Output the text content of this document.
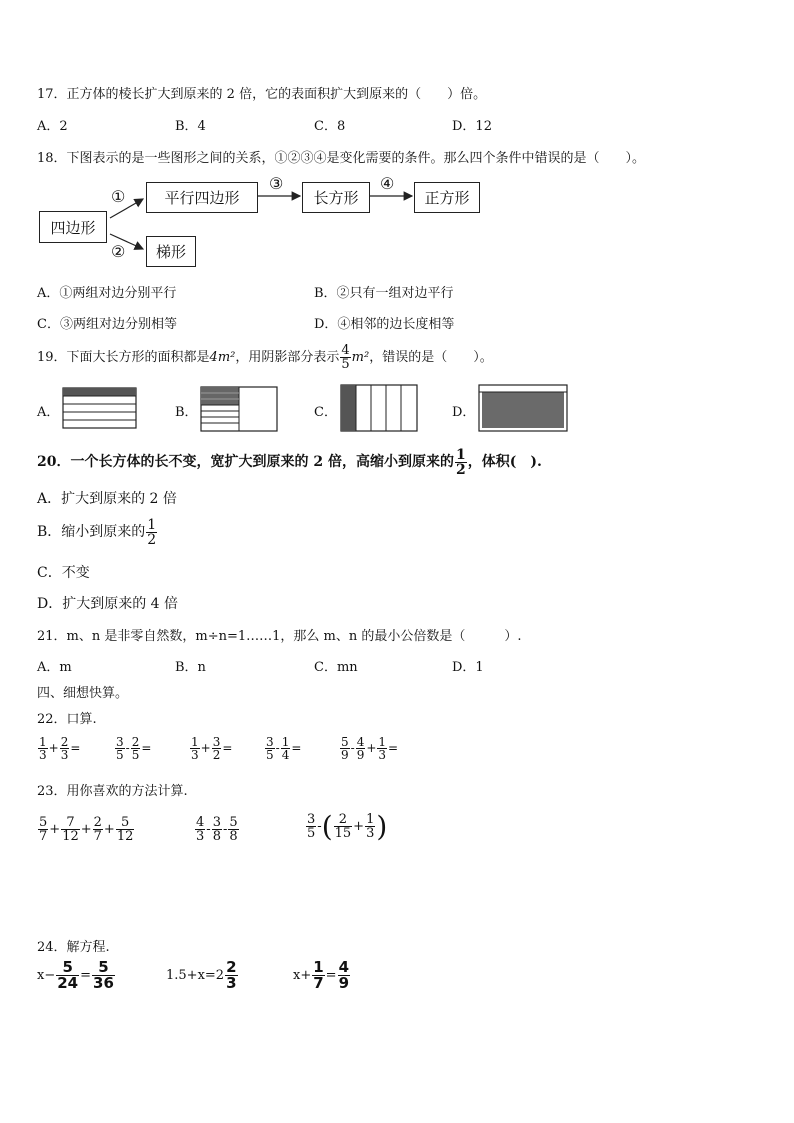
17．正方体的棱长扩大到原来的 2 倍，它的表面积扩大到原来的（　　）倍。
A．2	B．4	C．8	D．12
18．下图表示的是一些图形之间的关系，①②③④是变化需要的条件。那么四个条件中错误的是（　　）。
四边形
平行四边形	长方形	正方形
梯形
①
②
③	④
A．①两组对边分别平行	B．②只有一组对边平行
C．③两组对边分别相等	D．④相邻的边长度相等
19．下面大长方形的面积都是4m²，用阴影部分表示 $\frac{4}{5} m^2$，错误的是（　　）。
A．	B．	C．	D．
20．一个长方体的长不变，宽扩大到原来的 2 倍，高缩小到原来的 $\frac{1}{2}$ ，体积(　).
A．扩大到原来的 2 倍
B．缩小到原来的 $\frac{1}{2}$
C．不变
D．扩大到原来的 4 倍
21．m、n 是非零自然数，m÷n=1……1，那么 m、n 的最小公倍数是（　　　）.
A．m	B．n	C．mn	D．1
四、细想快算。
22．口算.
$\frac{1}{3} + \frac{2}{3}$ =	$\frac{3}{5} - \frac{2}{5}$ =	$\frac{1}{3} + \frac{3}{2}$ =	$\frac{3}{5} - \frac{1}{4}$ =	$\frac{5}{9} - \frac{4}{9} + \frac{1}{3}$ =
23．用你喜欢的方法计算.
$\frac{5}{7} + \frac{7}{12} + \frac{2}{7} + \frac{5}{12}$	$\frac{4}{3} - \frac{3}{8} - \frac{5}{8}$	$\frac{3}{5}$ -( $\frac{2}{15} + \frac{1}{3}$ )
24．解方程.
$x- \frac{5}{24} = \frac{5}{36}$	$1.5+x=2 \frac{2}{3}$	$x+ \frac{1}{7} = \frac{4}{9}$
